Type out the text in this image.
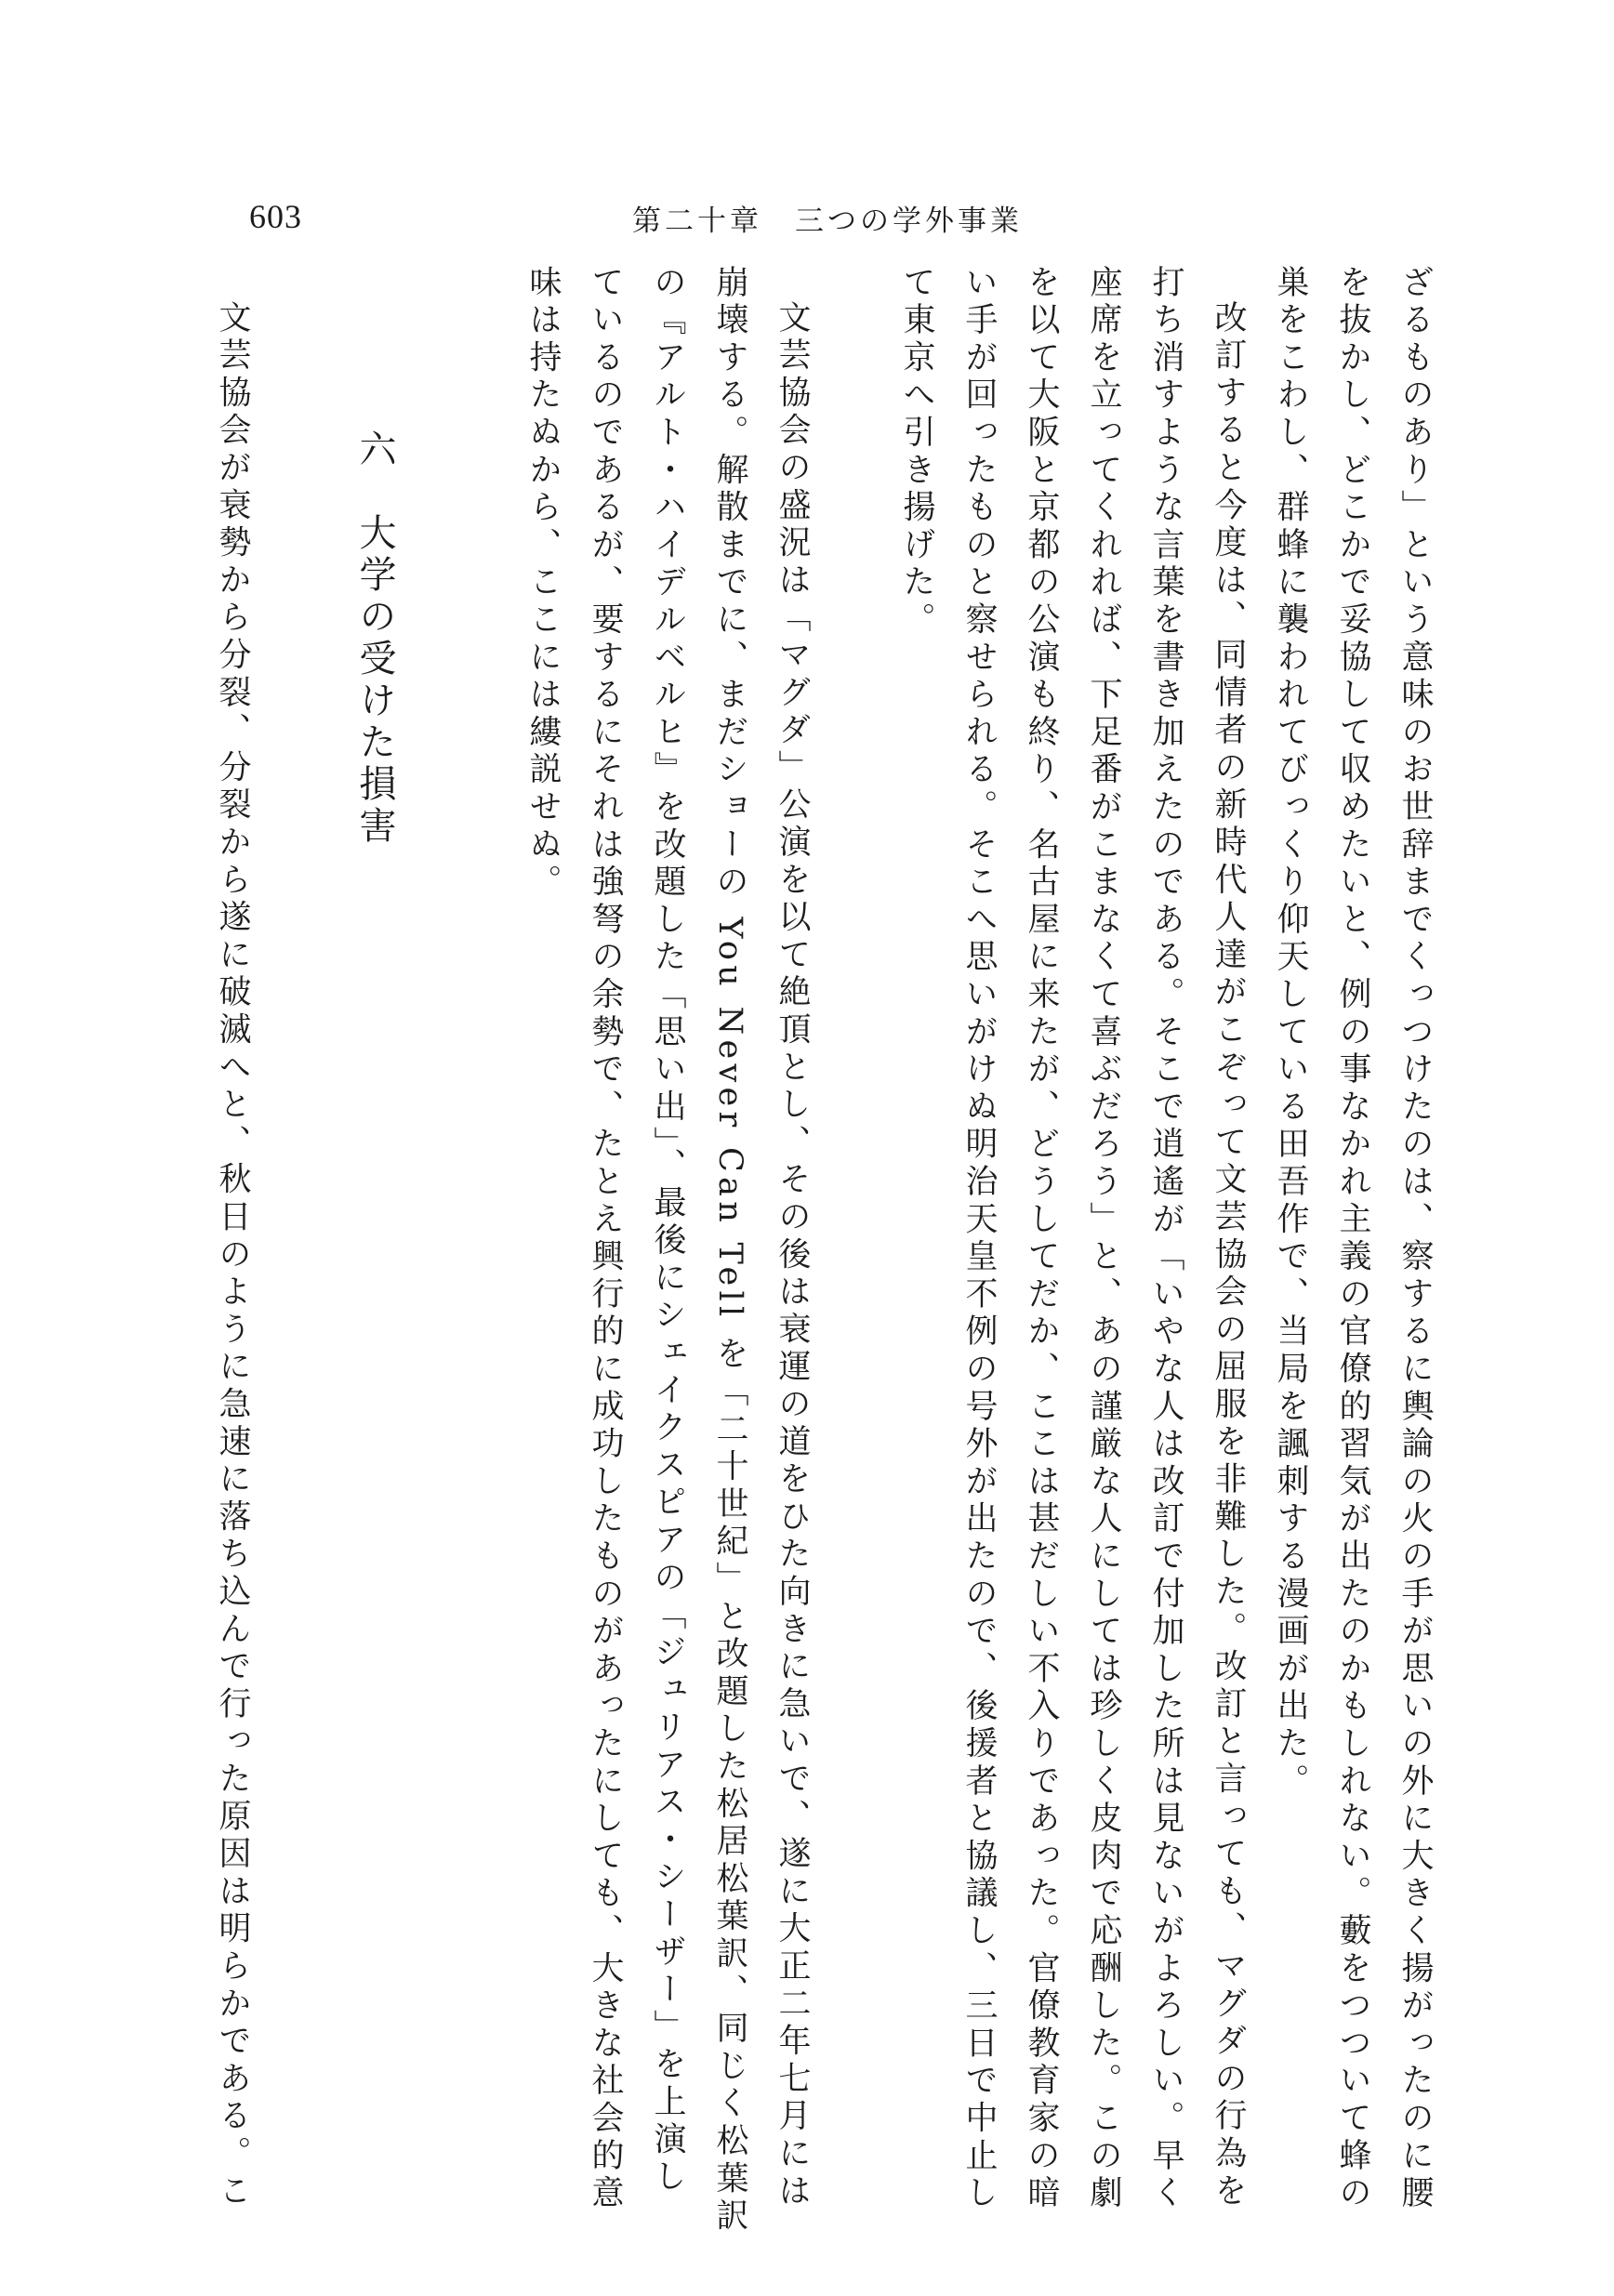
603	第二十章　三つの学外事業
ざるものあり」という意味のお世辞までくっつけたのは、察するに輿論の火の手が思いの外に大きく揚がったのに腰
を抜かし、どこかで妥協して収めたいと、例の事なかれ主義の官僚的習気が出たのかもしれない。藪をつついて蜂の
巣をこわし、群蜂に襲われてびっくり仰天している田吾作で、当局を諷刺する漫画が出た。
改訂すると今度は、同情者の新時代人達がこぞって文芸協会の屈服を非難した。改訂と言っても、マグダの行為を
打ち消すような言葉を書き加えたのである。そこで逍遙が「いやな人は改訂で付加した所は見ないがよろしい。早く
座席を立ってくれれば、下足番がこまなくて喜ぶだろう」と、あの謹厳な人にしては珍しく皮肉で応酬した。この劇
を以て大阪と京都の公演も終り、名古屋に来たが、どうしてだか、ここは甚だしい不入りであった。官僚教育家の暗
い手が回ったものと察せられる。そこへ思いがけぬ明治天皇不例の号外が出たので、後援者と協議し、三日で中止し
て東京へ引き揚げた。
文芸協会の盛況は「マグダ」公演を以て絶頂とし、その後は衰運の道をひた向きに急いで、遂に大正二年七月には
崩壊する。解散までに、まだショーの You Never Can Tell を「二十世紀」と改題した松居松葉訳、同じく松葉訳
の『アルト・ハイデルベルヒ』を改題した「思い出」、最後にシェイクスピアの「ジュリアス・シーザー」を上演し
ているのであるが、要するにそれは強弩の余勢で、たとえ興行的に成功したものがあったにしても、大きな社会的意
味は持たぬから、ここには縷説せぬ。
六　大学の受けた損害
文芸協会が衰勢から分裂、分裂から遂に破滅へと、秋日のように急速に落ち込んで行った原因は明らかである。こ
